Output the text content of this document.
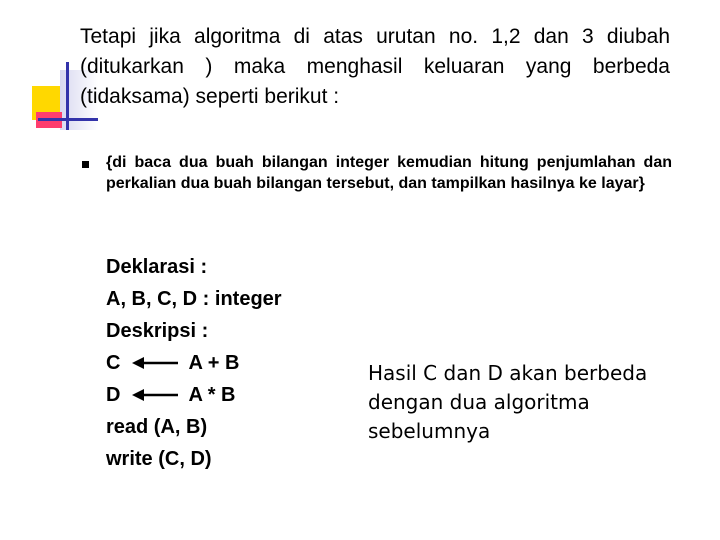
Tetapi jika algoritma di atas urutan no. 1,2 dan 3 diubah (ditukarkan ) maka menghasil keluaran yang berbeda (tidaksama) seperti berikut :

{di baca dua buah bilangan integer kemudian hitung penjumlahan dan perkalian dua buah bilangan tersebut, dan tampilkan hasilnya ke layar}

Deklarasi :
A, B, C, D : integer
Deskripsi :
C	A + B
D	A * B
read (A, B)
write (C, D)

Hasil C dan D akan berbeda dengan dua algoritma sebelumnya
